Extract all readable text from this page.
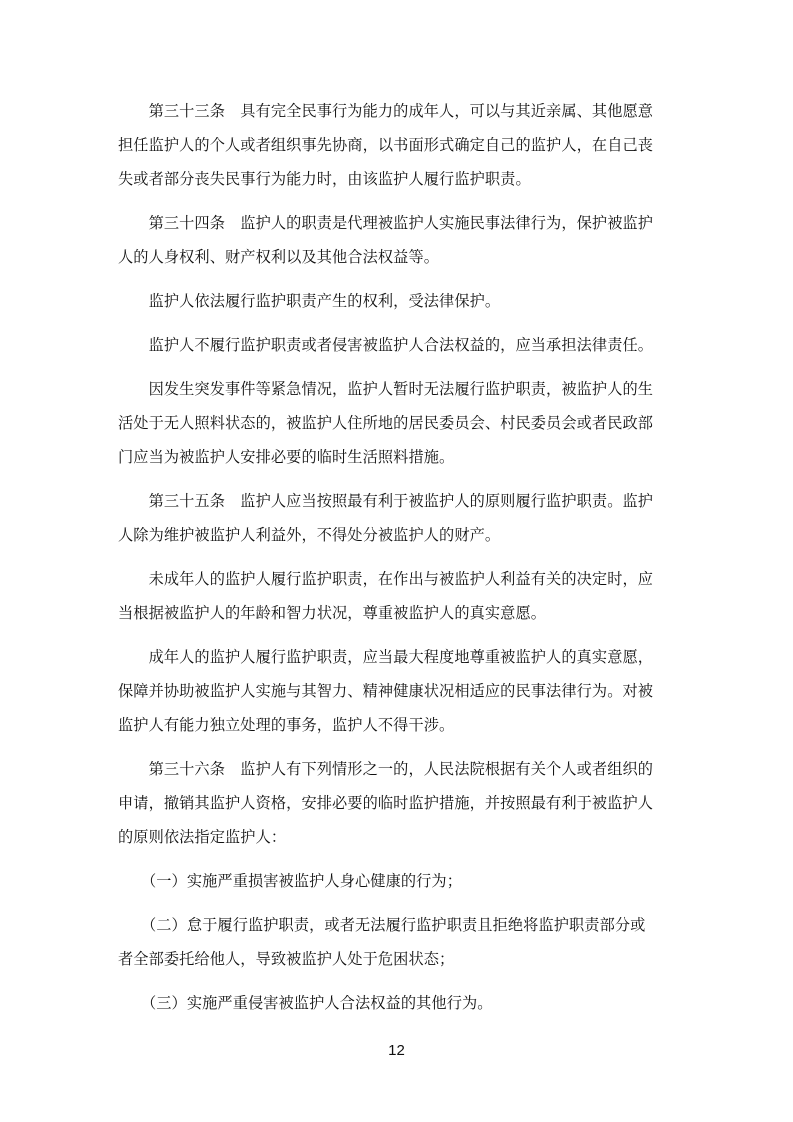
　　第三十三条　具有完全民事行为能力的成年人，可以与其近亲属、其他愿意
担任监护人的个人或者组织事先协商，以书面形式确定自己的监护人，在自己丧
失或者部分丧失民事行为能力时，由该监护人履行监护职责。
　　第三十四条　监护人的职责是代理被监护人实施民事法律行为，保护被监护
人的人身权利、财产权利以及其他合法权益等。
　　监护人依法履行监护职责产生的权利，受法律保护。
　　监护人不履行监护职责或者侵害被监护人合法权益的，应当承担法律责任。
　　因发生突发事件等紧急情况，监护人暂时无法履行监护职责，被监护人的生
活处于无人照料状态的，被监护人住所地的居民委员会、村民委员会或者民政部
门应当为被监护人安排必要的临时生活照料措施。
　　第三十五条　监护人应当按照最有利于被监护人的原则履行监护职责。监护
人除为维护被监护人利益外，不得处分被监护人的财产。
　　未成年人的监护人履行监护职责，在作出与被监护人利益有关的决定时，应
当根据被监护人的年龄和智力状况，尊重被监护人的真实意愿。
　　成年人的监护人履行监护职责，应当最大程度地尊重被监护人的真实意愿，
保障并协助被监护人实施与其智力、精神健康状况相适应的民事法律行为。对被
监护人有能力独立处理的事务，监护人不得干涉。
　　第三十六条　监护人有下列情形之一的，人民法院根据有关个人或者组织的
申请，撤销其监护人资格，安排必要的临时监护措施，并按照最有利于被监护人
的原则依法指定监护人：
　　（一）实施严重损害被监护人身心健康的行为；
　　（二）怠于履行监护职责，或者无法履行监护职责且拒绝将监护职责部分或
者全部委托给他人，导致被监护人处于危困状态；
　　（三）实施严重侵害被监护人合法权益的其他行为。
12
